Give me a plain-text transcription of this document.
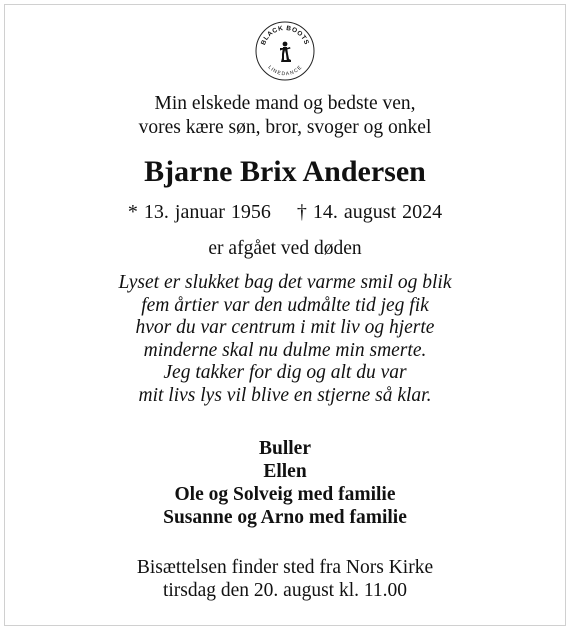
BLACK BOOTS
LINEDANCE
Min elskede mand og bedste ven,
vores kære søn, bror, svoger og onkel
Bjarne Brix Andersen
* 13. januar 1956 † 14. august 2024
er afgået ved døden
Lyset er slukket bag det varme smil og blik
fem årtier var den udmålte tid jeg fik
hvor du var centrum i mit liv og hjerte
minderne skal nu dulme min smerte.
Jeg takker for dig og alt du var
mit livs lys vil blive en stjerne så klar.
Buller
Ellen
Ole og Solveig med familie
Susanne og Arno med familie
Bisættelsen finder sted fra Nors Kirke
tirsdag den 20. august kl. 11.00
